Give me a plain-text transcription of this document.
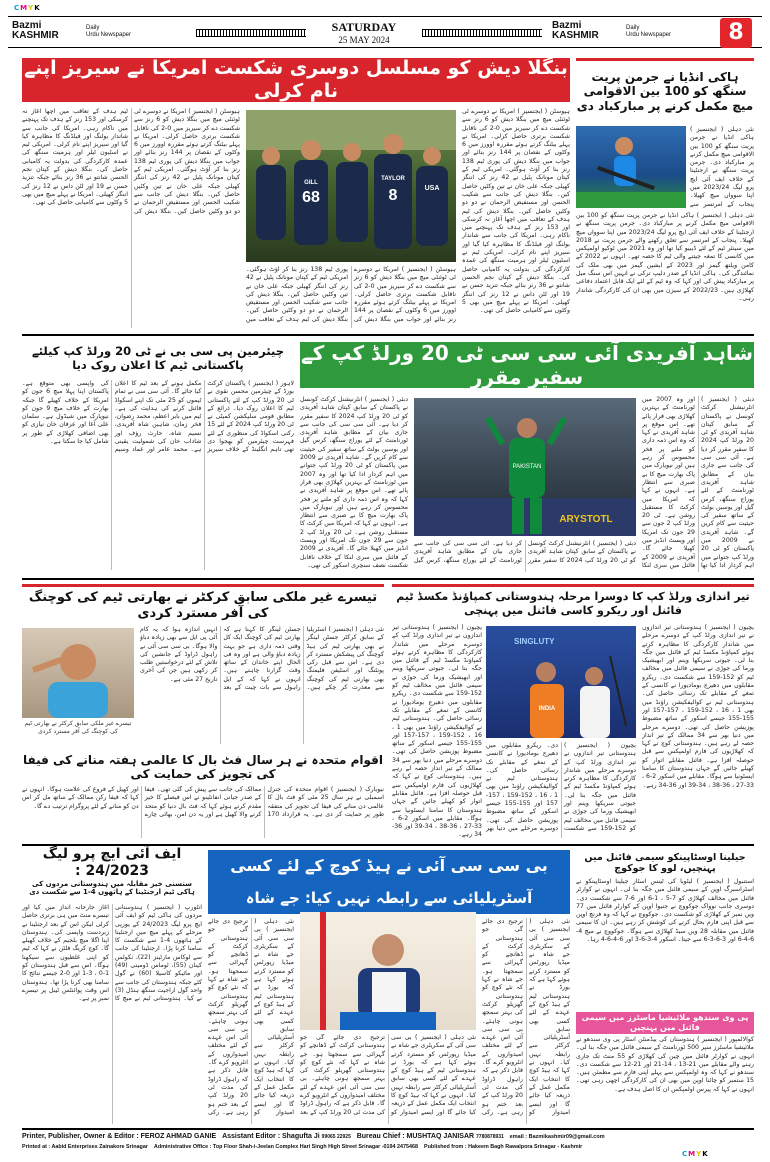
CMYK
CMYK
Bazmi KASHMIR
Daily
Urdu Newspaper
SATURDAY
25 MAY 2024
Bazmi KASHMIR
Daily
Urdu Newspaper	8
بنگلا دیش کو مسلسل دوسری شکست امریکا نے سیریز اپنے نام کرلی
GILL
68
TAYLOR
8	USA
ہیوسٹن ( ایجنسیز ) امریکا نے دوسرے ٹی ٹوئنٹی میچ میں بنگلا دیش کو 6 رنز سے شکست دے کر سیریز میں 0-2 کی ناقابل شکست برتری حاصل کرلی۔ امریکا نے پہلے بیٹنگ کرتے ہوئے مقررہ اوورز میں 6 وکٹوں کے نقصان پر 144 رنز بنائے اور جواب میں بنگلا دیش کی پوری ٹیم 138 رنز بنا کر آؤٹ ہوگئی۔ امریکی ٹیم کے کپتان مونانک پٹیل نے 42 رنز کی اننگز کھیلی جبکہ علی خان نے تین وکٹیں حاصل کیں۔ بنگلا دیش کی جانب سے شکیب الحسن اور مستفیض الرحمان نے دو دو وکٹیں حاصل کیں۔ بنگلا دیش کی ٹیم ہدف کے تعاقب میں اچھا آغاز نہ کرسکی اور 153 رنز کے ہدف تک پہنچنے میں ناکام رہی۔ امریکا کی جانب سے شاندار بولنگ اور فیلڈنگ کا مظاہرہ کیا گیا اور سیریز اپنے نام کرلی۔ امریکی ٹیم نے اسٹیون ٹیلر اور ہرمیت سنگھ کی عمدہ کارکردگی کی بدولت یہ کامیابی حاصل کی۔ بنگلا دیش کے کپتان نجم الحسن شانتو نے 36 رنز بنائے جبکہ تنزید حسن نے 19 اور لٹن داس نے 12 رنز کی اننگز کھیلی۔ امریکا نے پہلے میچ میں بھی 5 وکٹوں سے کامیابی حاصل کی تھی۔
ہیوسٹن ( ایجنسیز ) امریکا نے دوسرے ٹی ٹوئنٹی میچ میں بنگلا دیش کو 6 رنز سے شکست دے کر سیریز میں 0-2 کی ناقابل شکست برتری حاصل کرلی۔ امریکا نے پہلے بیٹنگ کرتے ہوئے مقررہ اوورز میں 6 وکٹوں کے نقصان پر 144 رنز بنائے اور جواب میں بنگلا دیش کی پوری ٹیم 138 رنز بنا کر آؤٹ ہوگئی۔ امریکی ٹیم کے کپتان مونانک پٹیل نے 42 رنز کی اننگز کھیلی جبکہ علی خان نے تین وکٹیں حاصل کیں۔ بنگلا دیش کی جانب سے شکیب الحسن اور مستفیض الرحمان نے دو دو وکٹیں حاصل کیں۔ بنگلا دیش کی ٹیم ہدف کے تعاقب میں اچھا آغاز نہ کرسکی اور 153 رنز کے ہدف تک پہنچنے میں ناکام رہی۔ امریکا کی جانب سے شاندار بولنگ اور فیلڈنگ کا مظاہرہ کیا گیا اور سیریز اپنے نام کرلی۔ امریکی ٹیم نے اسٹیون ٹیلر اور ہرمیت سنگھ کی عمدہ کارکردگی کی بدولت یہ کامیابی حاصل کی۔ بنگلا دیش کے کپتان نجم الحسن شانتو نے 36 رنز بنائے جبکہ تنزید حسن نے 19 اور لٹن داس نے 12 رنز کی اننگز کھیلی۔ امریکا نے پہلے میچ میں بھی 5 وکٹوں سے کامیابی حاصل کی تھی۔
ہیوسٹن ( ایجنسیز ) امریکا نے دوسرے ٹی ٹوئنٹی میچ میں بنگلا دیش کو 6 رنز سے شکست دے کر سیریز میں 0-2 کی ناقابل شکست برتری حاصل کرلی۔ امریکا نے پہلے بیٹنگ کرتے ہوئے مقررہ اوورز میں 6 وکٹوں کے نقصان پر 144 رنز بنائے اور جواب میں بنگلا دیش کی پوری ٹیم 138 رنز بنا کر آؤٹ ہوگئی۔ امریکی ٹیم کے کپتان مونانک پٹیل نے 42 رنز کی اننگز کھیلی جبکہ علی خان نے تین وکٹیں حاصل کیں۔ بنگلا دیش کی جانب سے شکیب الحسن اور مستفیض الرحمان نے دو دو وکٹیں حاصل کیں۔ بنگلا دیش کی ٹیم ہدف کے تعاقب میں
ہاکی انڈیا نے جرمن پریت سنگھ کو 100 بین الاقوامی میچ مکمل کرنے پر مبارکباد دی
نئی دہلی ( ایجنسیز ) ہاکی انڈیا نے جرمن پریت سنگھ کو 100 بین الاقوامی میچ مکمل کرنے پر مبارکباد دی۔ جرمن پریت سنگھ نے ارجنٹینا کے خلاف ایف آئی ایچ پرو لیگ 2023/24 میں اپنا سوواں میچ کھیلا۔ پنجاب کے امرتسر سے
نئی دہلی ( ایجنسیز ) ہاکی انڈیا نے جرمن پریت سنگھ کو 100 بین الاقوامی میچ مکمل کرنے پر مبارکباد دی۔ جرمن پریت سنگھ نے ارجنٹینا کے خلاف ایف آئی ایچ پرو لیگ 2023/24 میں اپنا سوواں میچ کھیلا۔ پنجاب کے امرتسر سے تعلق رکھنے والے جرمن پریت نے 2018 میں سینئر ٹیم کے لئے ڈیبیو کیا تھا اور وہ 2021 میں ٹوکیو اولمپکس میں کانسی کا تمغہ جیتنے والی ٹیم کا حصہ تھے۔ انہوں نے 2022 کے کامن ویلتھ گیمز اور 2023 کے ایشین گیمز میں بھی ملک کی نمائندگی کی۔ ہاکی انڈیا کے صدر دلیپ ترکی نے انہیں اس سنگ میل پر مبارکباد پیش کی اور کہا کہ وہ ٹیم کے لئے ایک قابل اعتماد دفاعی کھلاڑی ہیں۔ 2022/23 کے سیزن میں بھی ان کی کارکردگی شاندار رہی۔
شاہد آفریدی آئی سی سی ٹی 20 ورلڈ کپ کے سفیر مقرر
چیئرمین پی سی بی نے ٹی 20 ورلڈ کپ کیلئے پاکستانی ٹیم کا اعلان روک دیا
لاہور ( ایجنسیز ) پاکستان کرکٹ بورڈ کے چیئرمین محسن نقوی نے ٹی 20 ورلڈ کپ کے لئے پاکستانی ٹیم کا اعلان روک دیا۔ ذرائع کے مطابق قومی سلیکشن کمیٹی نے ٹی 20 ورلڈ کپ 2024 کے لئے 15 رکنی اسکواڈ کی منظوری کے لئے فہرست چیئرمین کو بھجوا دی تھی تاہم انگلینڈ کے خلاف سیریز مکمل ہونے کے بعد ٹیم کا اعلان کیا جائے گا۔ آئی سی سی نے تمام ٹیموں کو 25 مئی تک اپنے اسکواڈ فائنل کرنے کی ہدایت کی ہے۔ ٹیم میں بابر اعظم، محمد رضوان، فخر زمان، شاہین شاہ آفریدی، نسیم شاہ، حارث رؤف اور شاداب خان کی شمولیت یقینی ہے۔ محمد عامر اور عماد وسیم کی واپسی بھی متوقع ہے۔ پاکستان اپنا پہلا میچ 6 جون کو امریکا کے خلاف کھیلے گا جبکہ بھارت کے خلاف میچ 9 جون کو نیویارک میں شیڈول ہے۔ سلمان علی آغا اور عرفان خان نیازی کو بھی اضافی کھلاڑی کے طور پر شامل کیا جا سکتا ہے۔
ARYSTOTL
PAKISTAN
دبئی ( ایجنسیز ) انٹرنیشنل کرکٹ کونسل نے پاکستان کے سابق کپتان شاہد آفریدی کو ٹی 20 ورلڈ کپ 2024 کا سفیر مقرر کر دیا ہے۔ آئی سی سی کی جانب سے جاری بیان کے مطابق شاہد آفریدی ٹورنامنٹ کے لئے یوراج سنگھ، کرس گیل اور یوسین بولٹ کے ساتھ سفیر کی حیثیت سے کام کریں گے۔ شاہد آفریدی نے 2009 میں پاکستان کو ٹی 20 ورلڈ کپ جتوانے میں اہم کردار ادا کیا تھا اور وہ 2007 میں ٹورنامنٹ کے بہترین کھلاڑی بھی قرار پائے تھے۔ اس موقع پر شاہد آفریدی نے کہا کہ وہ اس ذمہ داری کو ملنے پر فخر محسوس کر رہے ہیں اور نیویارک میں پاک بھارت میچ کا بے صبری سے انتظار ہے۔ انہوں نے کہا کہ امریکا میں کرکٹ کا مستقبل روشن ہے۔ ٹی 20 ورلڈ کپ 2 جون سے 29 جون تک امریکا اور ویسٹ انڈیز میں کھیلا جائے گا۔ آفریدی نے 2009 کے فائنل میں سری لنکا
دبئی ( ایجنسیز ) انٹرنیشنل کرکٹ کونسل نے پاکستان کے سابق کپتان شاہد آفریدی کو ٹی 20 ورلڈ کپ 2024 کا سفیر مقرر کر دیا ہے۔ آئی سی سی کی جانب سے جاری بیان کے مطابق شاہد آفریدی ٹورنامنٹ کے لئے یوراج سنگھ، کرس گیل اور یوسین بولٹ کے ساتھ سفیر کی حیثیت سے کام کریں گے۔ شاہد آفریدی نے 2009 میں پاکستان کو ٹی 20 ورلڈ کپ جتوانے میں اہم کردار ادا کیا تھا اور وہ 2007 میں ٹورنامنٹ کے بہترین کھلاڑی بھی قرار پائے تھے۔ اس موقع پر شاہد آفریدی نے کہا کہ وہ اس ذمہ داری کو ملنے پر فخر محسوس کر رہے ہیں اور نیویارک میں پاک بھارت میچ کا بے صبری سے انتظار ہے۔ انہوں نے کہا کہ امریکا میں کرکٹ کا مستقبل روشن ہے۔ ٹی 20 ورلڈ کپ 2 جون سے 29 جون تک امریکا اور ویسٹ انڈیز میں کھیلا جائے گا۔ آفریدی نے 2009 کے فائنل میں سری لنکا کے خلاف ناقابل شکست نصف سنچری اسکور کی تھی۔
دبئی ( ایجنسیز ) انٹرنیشنل کرکٹ کونسل نے پاکستان کے سابق کپتان شاہد آفریدی کو ٹی 20 ورلڈ کپ 2024 کا سفیر مقرر کر دیا ہے۔ آئی سی سی کی جانب سے جاری بیان کے مطابق شاہد آفریدی ٹورنامنٹ کے لئے یوراج سنگھ، کرس گیل
تیر اندازی ورلڈ کپ کا دوسرا مرحلہ ہندوستانی کمپاؤنڈ مکسڈ ٹیم فائنل اور ریکرو کاسی فائنل میں پہنچی
SINGLUTY
INDIA
یچیون ( ایجنسیز ) ہندوستانی تیر اندازوں نے تیر اندازی ورلڈ کپ کے دوسرے مرحلے میں شاندار کارکردگی کا مظاہرہ کرتے ہوئے کمپاؤنڈ مکسڈ ٹیم کے فائنل میں جگہ بنا لی۔ جیوتی سریکھا وینم اور ابھیشیک ورما کی جوڑی نے سیمی فائنل میں مخالف ٹیم کو 152-159 سے شکست دی۔ ریکرو مقابلوں میں دھیرج بومادیورا نے کانسی کے تمغے کے مقابلے تک رسائی حاصل کی۔ ہندوستانی ٹیم نے کوالیفکیشن راؤنڈ میں بھی 1 ، 16 ، 152-159 ، 157-157 اور 155-155 جیسے اسکور کے ساتھ مضبوط پوزیشن حاصل کی تھی۔ دوسرے مرحلے میں دنیا بھر سے 34 ممالک کے تیر انداز حصہ لے رہے ہیں۔ ہندوستانی کوچ نے کہا کہ کھلاڑیوں کی فارم اولمپکس سے قبل حوصلہ افزا ہے۔ فائنل مقابلے اتوار کو کھیلے جائیں گے جہاں ہندوستان کا سامنا ایسٹونیا سے ہوگا۔ مقابلے میں اسکور 2-6 ، 33-27 ، 36-38 ، 34-39 اور 36-34 رہے۔
یچیون ( ایجنسیز ) ہندوستانی تیر اندازوں نے تیر اندازی ورلڈ کپ کے دوسرے مرحلے میں شاندار کارکردگی کا مظاہرہ کرتے ہوئے کمپاؤنڈ مکسڈ ٹیم کے فائنل میں جگہ بنا لی۔ جیوتی سریکھا وینم اور ابھیشیک ورما کی جوڑی نے سیمی فائنل میں مخالف ٹیم کو 152-159 سے شکست دی۔ ریکرو مقابلوں میں دھیرج بومادیورا نے کانسی کے تمغے کے مقابلے تک رسائی حاصل کی۔ ہندوستانی ٹیم نے کوالیفکیشن راؤنڈ میں بھی 1 ، 16 ، 152-159 ، 157-157 اور 155-155 جیسے اسکور کے ساتھ مضبوط پوزیشن حاصل کی تھی۔ دوسرے مرحلے میں دنیا بھر سے 34 ممالک کے تیر انداز حصہ لے رہے ہیں۔ ہندوستانی کوچ نے کہا کہ کھلاڑیوں کی فارم اولمپکس سے قبل حوصلہ افزا ہے۔ فائنل مقابلے اتوار کو کھیلے جائیں گے جہاں ہندوستان کا سامنا ایسٹونیا سے ہوگا۔ مقابلے میں اسکور 2-6 ، 33-27 ، 36-38 ، 34-39 اور 36-34 رہے۔
یچیون ( ایجنسیز ) ہندوستانی تیر اندازوں نے تیر اندازی ورلڈ کپ کے دوسرے مرحلے میں شاندار کارکردگی کا مظاہرہ کرتے ہوئے کمپاؤنڈ مکسڈ ٹیم کے فائنل میں جگہ بنا لی۔ جیوتی سریکھا وینم اور ابھیشیک ورما کی جوڑی نے سیمی فائنل میں مخالف ٹیم کو 152-159 سے شکست دی۔ ریکرو مقابلوں میں دھیرج بومادیورا نے کانسی کے تمغے کے مقابلے تک رسائی حاصل کی۔ ہندوستانی ٹیم نے کوالیفکیشن راؤنڈ میں بھی 1 ، 16 ، 152-159 ، 157-157 اور 155-155 جیسے اسکور کے ساتھ مضبوط پوزیشن حاصل کی تھی۔ دوسرے مرحلے میں دنیا بھر
تیسرے غیر ملکی سابق کرکٹر نے بھارتی ٹیم کی کوچنگ کی آفر مسترد کردی
تیسرے غیر ملکی سابق کرکٹر نے بھارتی ٹیم کی کوچنگ کی آفر مسترد کردی
نئی دہلی ( ایجنسیز ) آسٹریلیا کے سابق کرکٹر جسٹن لینگر نے بھی بھارتی ٹیم کی ہیڈ کوچنگ کی پیشکش مسترد کر دی ہے۔ اس سے قبل رکی پونٹنگ اور اسٹیفن فلیمنگ بھی بھارتی ٹیم کی کوچنگ سے معذرت کر چکے ہیں۔ جسٹن لینگر کا کہنا ہے کہ بھارتی ٹیم کی کوچنگ ایک کل وقتی ذمہ داری ہے جو بہت زیادہ دباؤ والی ہے اور وہ فی الحال اپنے خاندان کے ساتھ وقت گزارنا چاہتے ہیں۔ انہوں نے کہا کہ کے ایل راہول سے بات چیت کے بعد انہیں اندازہ ہوا کہ یہ کام آئی پی ایل سے بھی زیادہ دباؤ والا ہوگا۔ بی سی سی آئی نے راہول ڈراوڈ کے جانشین کی تلاش کے لئے درخواستیں طلب کر رکھی ہیں جن کی آخری تاریخ 27 مئی ہے۔
اقوام متحدہ نے ہر سال فٹ بال کا عالمی ہفتہ منانے کی فیفا کی تجویز کی حمایت کی
نیویارک ( ایجنسیز ) اقوام متحدہ کی جنرل اسمبلی نے ہر سال 25 مئی کو فٹ بال کا عالمی دن منانے کی فیفا کی تجویز کی متفقہ طور پر حمایت کر دی ہے۔ یہ قرارداد 170 ممالک کی جانب سے پیش کی گئی تھی۔ فیفا کے صدر جیانی انفانٹینو نے اس فیصلے کا خیر مقدم کرتے ہوئے کہا کہ فٹ بال دنیا کو متحد کرنے والا کھیل ہے اور یہ دن امن، بھائی چارے اور کھیل کے فروغ کی علامت ہوگا۔ انہوں نے کہا کہ فیفا رکن ممالک کے ساتھ مل کر اس دن کو منانے کے لئے پروگرام ترتیب دے گا۔
ایف آئی ایچ پرو لیگ 24/2023 :
سنسنی خیز مقابلہ میں ہندوستانی مردوں کی ہاکی ٹیم ارجنٹینا کے ہاتھوں 4-1 سے شکست دی
انٹورپ ( ایجنسیز ) ہندوستانی مردوں کی ہاکی ٹیم کو ایف آئی ایچ پرو لیگ 24/2023 کے یورپی مرحلے کے پہلے میچ میں ارجنٹینا کے ہاتھوں 4-1 سے شکست کا سامنا کرنا پڑا۔ ارجنٹینا کی جانب سے لوکاس مارٹینز (22)، نکولس کینان (55)، ٹوماس ڈومینی (49) اور مائیکو کاسیلا (60) نے گول کئے جبکہ ہندوستان کی جانب سے واحد گول اراجیت سنگھ ہنڈل (3) نے کیا۔ ہندوستانی ٹیم نے میچ کا آغاز جارحانہ انداز میں کیا اور تیسرے منٹ میں ہی برتری حاصل کرلی لیکن اس کے بعد ارجنٹینا نے زبردست واپسی کی۔ ہندوستان اپنا اگلا میچ بلجیم کے خلاف کھیلے گا۔ کوچ کریگ فلٹن نے کہا کہ ٹیم کو اپنی غلطیوں سے سیکھنا ہوگا۔ اس سے قبل ہندوستان کو 1-0 ، 3-1 اور 0-2 جیسے نتائج کا سامنا بھی کرنا پڑا تھا۔ ہندوستان اس وقت پوائنٹس ٹیبل پر تیسرے نمبر پر ہے۔
بی سی سی آئی نے ہیڈ کوچ کے لئے کسی
آسٹریلیائی سے رابطہ نہیں کیا: جے شاہ
نئی دہلی ( ایجنسیز ) بی سی سی آئی کے سکریٹری جے شاہ نے میڈیا رپورٹس کو مسترد کرتے ہوئے کہا ہے کہ بورڈ نے ہندوستانی ٹیم کے ہیڈ کوچ کے عہدے کے لئے کسی بھی سابق آسٹریلیائی کرکٹر سے رابطہ نہیں کیا۔ انہوں نے کہا کہ ہیڈ کوچ کا انتخاب ایک مکمل عمل کے ذریعہ کیا جائے گا اور ایسے امیدوار کو ترجیح دی جائے گی جو ہندوستانی کرکٹ کے ڈھانچے کو گہرائی سے سمجھتا ہو۔ جے شاہ نے کہا کہ نئے کوچ کو ہندوستانی گھریلو کرکٹ کی بہتر سمجھ ہونی چاہئے۔ بی سی سی آئی اس عہدے کے لئے مختلف امیدواروں کے انٹرویو کرے گا۔ قابل ذکر ہے کہ راہول ڈراوڈ کی مدت ٹی 20 ورلڈ کپ کے بعد ختم ہو رہی ہے۔ رکی
نئی دہلی ( ایجنسیز ) بی سی سی آئی کے سکریٹری جے شاہ نے میڈیا رپورٹس کو مسترد کرتے ہوئے کہا ہے کہ بورڈ نے ہندوستانی ٹیم کے ہیڈ کوچ کے عہدے کے لئے کسی بھی سابق آسٹریلیائی کرکٹر سے رابطہ نہیں کیا۔ انہوں نے کہا کہ ہیڈ کوچ کا انتخاب ایک مکمل عمل کے ذریعہ کیا جائے گا اور ایسے امیدوار کو ترجیح دی جائے گی جو ہندوستانی کرکٹ کے ڈھانچے کو گہرائی سے سمجھتا ہو۔ جے شاہ نے کہا کہ نئے کوچ کو ہندوستانی گھریلو کرکٹ کی بہتر سمجھ ہونی چاہئے۔ بی سی سی آئی اس عہدے کے لئے مختلف امیدواروں کے انٹرویو کرے گا۔ قابل ذکر ہے کہ راہول ڈراوڈ کی مدت ٹی 20 ورلڈ کپ کے بعد ختم ہو رہی ہے۔ رکی
نئی دہلی ( ایجنسیز ) بی سی سی آئی کے سکریٹری جے شاہ نے میڈیا رپورٹس کو مسترد کرتے ہوئے کہا ہے کہ بورڈ نے ہندوستانی ٹیم کے ہیڈ کوچ کے عہدے کے لئے کسی بھی سابق آسٹریلیائی کرکٹر سے رابطہ نہیں کیا۔ انہوں نے کہا کہ ہیڈ کوچ کا انتخاب ایک مکمل عمل کے ذریعہ کیا جائے گا اور ایسے امیدوار کو ترجیح دی جائے گی جو ہندوستانی کرکٹ کے ڈھانچے کو گہرائی سے سمجھتا ہو۔ جے شاہ نے کہا کہ نئے کوچ کو ہندوستانی گھریلو کرکٹ کی بہتر سمجھ ہونی چاہئے۔ بی سی سی آئی اس عہدے کے لئے مختلف امیدواروں کے انٹرویو کرے گا۔ قابل ذکر ہے کہ راہول ڈراوڈ کی مدت ٹی 20 ورلڈ کپ کے بعد
جیلینا اوسٹاپینکو سیمی فائنل میں پہنچیں، لوو کا جوکوچ
استنبول ( ایجنسیز ) لیٹویا کی ٹینس اسٹار جیلینا اوسٹاپینکو نے اسٹراسبرگ اوپن کے سیمی فائنل میں جگہ بنا لی۔ انہوں نے کوارٹر فائنل میں مخالف کھلاڑی کو 7-5 ، 1-6 اور 6-7 سے شکست دی۔ دوسری جانب نوواک جوکووچ نے جنیوا اوپن کے کوارٹر فائنل میں 77 ویں نمبر کے کھلاڑی کو شکست دی۔ جوکووچ نے کہا کہ وہ فرنچ اوپن سے قبل اپنی فارم بحال کرنے کی کوشش کر رہے ہیں۔ ان کا سیمی فائنل میں مقابلہ 28 ویں سیڈ کھلاڑی سے ہوگا۔ جوکووچ نے میچ 4-6-4-6 اور 3-6-3-6 سے جیتا۔ اسکور 4-3-6-3 اور 6-4-6-4 رہا۔
پی وی سندھو ملائیشیا ماسٹرز میں سیمی فائنل میں پہنچیں
کوالالمپور ( ایجنسیز ) ہندوستان کی بیڈمنٹن اسٹار پی وی سندھو نے ملائیشیا ماسٹرز سپر 500 ٹورنامنٹ کے سیمی فائنل میں جگہ بنا لی۔ انہوں نے کوارٹر فائنل میں چین کی کھلاڑی کو 55 منٹ تک جاری رہنے والے مقابلے میں 21-13 ، 14-21 اور 21-12 سے شکست دی۔ سندھو نے کہا کہ وہ اولمپکس سے پہلے اپنی فارم سے مطمئن ہیں۔ 15 ستمبر کو چائنا اوپن میں بھی ان کی کارکردگی اچھی رہی تھی۔ انہوں نے کہا کہ پیرس اولمپکس ان کا اصل ہدف ہے۔
Printer, Publisher, Owner & Editor : FEROZ AHMAD GANIE Assistant Editor : Shagufta Ji 99065 22925 Bureau Chief : MUSHTAQ JANISAR 7780878931 email : Bazmikashmir09@gmail.com
Printed at : Aabid Enterprises Zainakore Srinagar Administrative Office : Top Floor Shah-i-Jeelan Complex Hari Singh High Street Srinagar -0194 2475468 Published from : Hakeem Bagh Rawalpora Srinagar - Kashmir
